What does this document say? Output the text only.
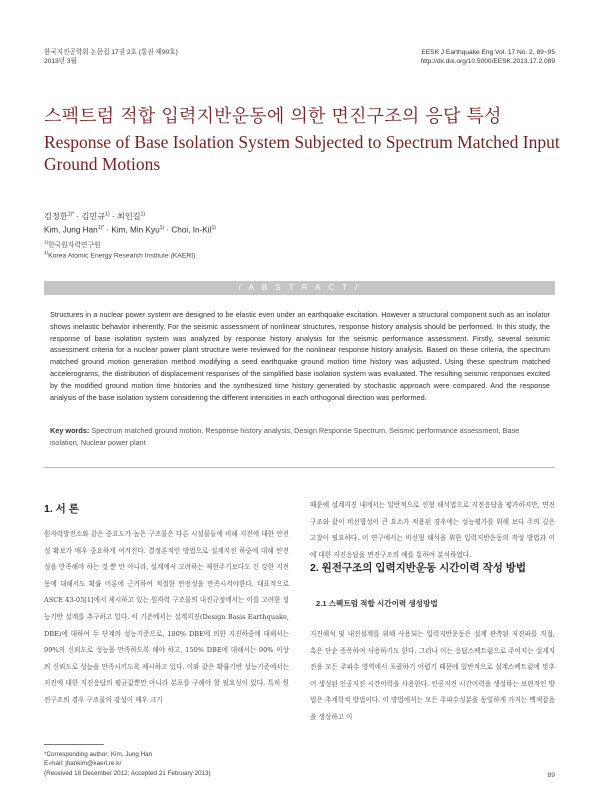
한국지진공학회 논문집 17권 2호 (통권 제90호)
2013년 3월
EESK J Earthquake Eng Vol. 17 No. 2, 89~95
http://dx.doi.org/10.5000/EESK.2013.17.2.089
스펙트럼 적합 입력지반운동에 의한 면진구조의 응답 특성
Response of Base Isolation System Subjected to Spectrum Matched Input Ground Motions
김정한$^{1)*}$ · 김민규$^{1)}$ · 최인길$^{1)}$
Kim, Jung Han$^{1)*}$ · Kim, Min Kyu$^{1)}$ · Choi, In-Kil$^{1)}$
$^{1)}$한국원자력연구원
$^{1)}$Korea Atomic Energy Research Institute (KAERI)
/ A B S T R A C T /
Structures in a nuclear power system are designed to be elastic even under an earthquake excitation. However a structural component such as an isolator shows inelastic behavior inherently. For the seismic assessment of nonlinear structures, response history analysis should be performed. In this study, the response of base isolation system was analyzed by response history analysis for the seismic performance assessment. Firstly, several seismic assessment criteria for a nuclear power plant structure were reviewed for the nonlinear response history analysis. Based on these criteria, the spectrum matched ground motion generation method modifying a seed earthquake ground motion time history was adjusted. Using these spectrum matched accelerograms, the distribution of displacement responses of the simplified base isolation system was evaluated. The resulting seismic responses excited by the modified ground motion time histories and the synthesized time history generated by stochastic approach were compared. And the response analysis of the base isolation system considering the different intensities in each orthogonal direction was performed.
Key words: Spectrum matched ground motion, Response history analysis, Design Response Spectrum, Seismic performance assessment, Base isolation, Nuclear power plant
1. 서 론
원자력발전소와 같은 중요도가 높은 구조물은 다른 시설물들에 비해 지진에 대한 안전성 확보가 매우 중요하게 여겨진다. 결정론적인 방법으로 설계지진 하중에 대해 안전성을 만족해야 하는 것 뿐 만 아니라, 설계에서 고려하는 재현주기보다도 긴 강한 지진동에 대해서도 확률 이론에 근거하여 적절한 안전성을 만족시켜야한다. 대표적으로 ASCE 43-05[1]에서 제시하고 있는 원자력 구조물의 내진규정에서는 이를 고려한 성능기반 설계를 추구하고 있다. 이 기준에서는 설계지진(Design Basis Earthquake, DBE)에 대하여 두 단계의 성능기준으로, 100% DBE에 의한 지진하중에 대해서는 99%의 신뢰도로 성능을 만족하도록 해야 하고, 150% DBE에 대해서는 90% 이상의 신뢰도로 성능을 만족시키도록 제시하고 있다. 이와 같은 확률기반 성능기준에서는 지진에 대한 지진응답의 평균값뿐만 아니라 분포를 구해야 할 필요성이 있다. 특히 원전구조의 경우 구조물의 강성이 매우 크기
때문에 설계지진 내에서는 일반적으로 선형 해석법으로 지진응답을 평가하지만, 면진구조와 같이 비선형성이 큰 요소가 적용된 경우에는 성능평가를 위해 보다 주의 깊은 고찰이 필요하다. 이 연구에서는 비선형 해석을 위한 입력지반운동의 작성 방법과 이에 대한 지진응답을 면진구조의 예를 통하여 분석하였다.
2. 원전구조의 입력지반운동 시간이력 작성 방법
2.1 스펙트럼 적합 시간이력 생성방법
지진해석 및 내진설계를 위해 사용되는 입력지반운동은 설계 관측된 지진파를 직접, 혹은 단순 증폭하여 사용하기도 한다. 그러나 이는 응답스펙트럼으로 주어지는 설계지진을 모든 주파수 영역에서 포괄하기 어렵기 때문에 일반적으로 설계스펙트럼에 맞추어 생성된 인공지진 시간이력을 사용한다. 인공지진 시간이력을 생성하는 보편적인 방법은 추계학적 방법이다. 이 방법에서는 모든 주파수성분을 동일하게 가지는 백색잡음을 생성하고 이
*Corresponding author: Kim, Jung Han
E-mail: jhankim@kaeri.re.kr
(Received 18 December 2012; Accepted 21 February 2013)	89
